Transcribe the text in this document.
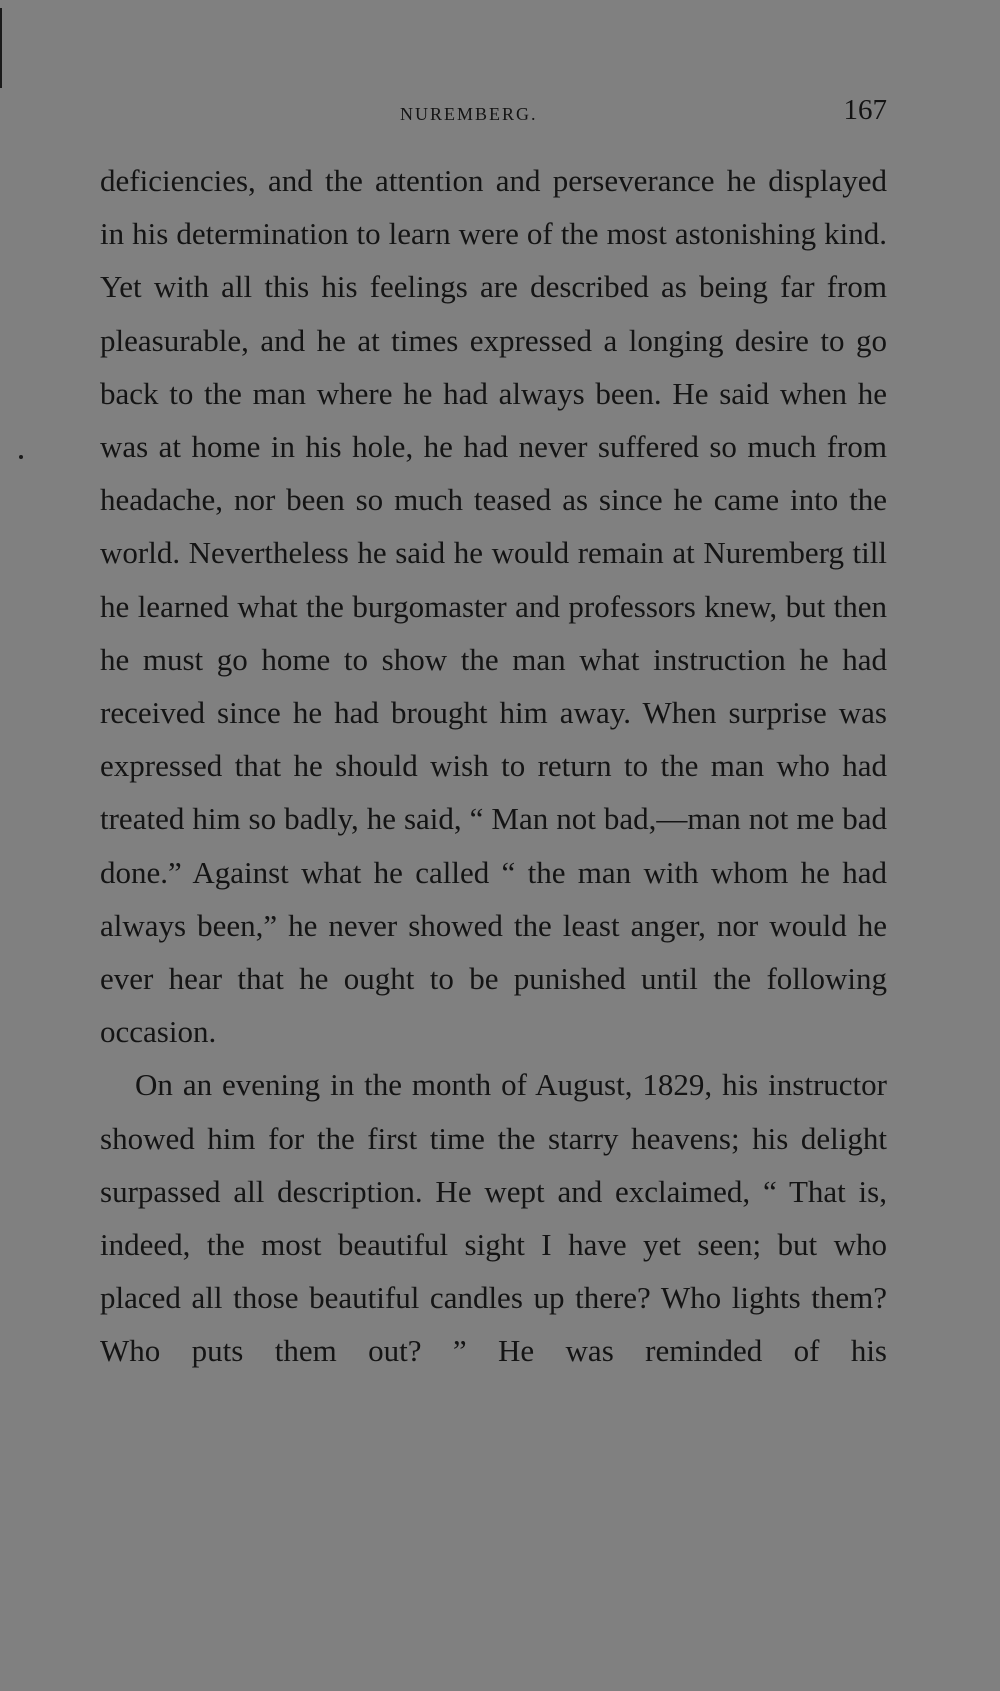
NUREMBERG.	167

deficiencies, and the attention and perseverance he displayed in his determination to learn were of the most astonishing kind. Yet with all this his feelings are described as being far from pleasurable, and he at times expressed a longing desire to go back to the man where he had always been. He said when he was at home in his hole, he had never suffered so much from headache, nor been so much teased as since he came into the world. Nevertheless he said he would remain at Nuremberg till he learned what the burgomaster and professors knew, but then he must go home to show the man what instruction he had received since he had brought him away. When surprise was expressed that he should wish to return to the man who had treated him so badly, he said, “ Man not bad,—man not me bad done.” Against what he called “ the man with whom he had always been,” he never showed the least anger, nor would he ever hear that he ought to be punished until the following occasion.

On an evening in the month of August, 1829, his instructor showed him for the first time the starry heavens; his delight surpassed all description. He wept and exclaimed, “ That is, indeed, the most beautiful sight I have yet seen; but who placed all those beautiful candles up there? Who lights them? Who puts them out? ” He was reminded of his
